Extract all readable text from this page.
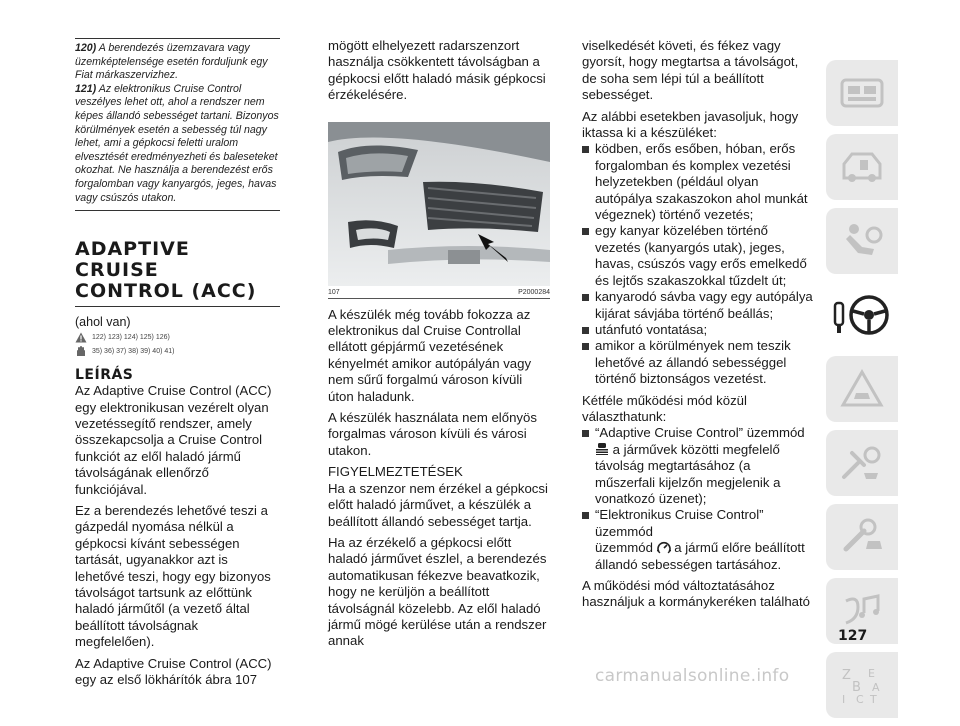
120) A berendezés üzemzavara vagy üzemképtelensége esetén forduljunk egy Fiat márkaszervizhez.

121) Az elektronikus Cruise Control veszélyes lehet ott, ahol a rendszer nem képes állandó sebességet tartani. Bizonyos körülmények esetén a sebesség túl nagy lehet, ami a gépkocsi feletti uralom elvesztését eredményezheti és baleseteket okozhat. Ne használja a berendezést erős forgalomban vagy kanyargós, jeges, havas vagy csúszós utakon.

ADAPTIVE CRUISE
CONTROL (ACC)
(ahol van)
122) 123) 124) 125) 126)
35) 36) 37) 38) 39) 40) 41)
LEÍRÁS

Az Adaptive Cruise Control (ACC) egy elektronikusan vezérelt olyan vezetéssegítő rendszer, amely összekapcsolja a Cruise Control funkciót az elől haladó jármű távolságának ellenőrző funkciójával.

Ez a berendezés lehetővé teszi a gázpedál nyomása nélkül a gépkocsi kívánt sebességen tartását, ugyanakkor azt is lehetővé teszi, hogy egy bizonyos távolságot tartsunk az előttünk haladó járműtől (a vezető által beállított távolságnak megfelelően).

Az Adaptive Cruise Control (ACC) egy az első lökhárítók ábra 107

mögött elhelyezett radarszenzort használja csökkentett távolságban a gépkocsi előtt haladó másik gépkocsi érzékelésére.

107	P2000284

A készülék még tovább fokozza az elektronikus dal Cruise Controllal ellátott gépjármű vezetésének kényelmét amikor autópályán vagy nem sűrű forgalmú városon kívüli úton haladunk.

A készülék használata nem előnyös forgalmas városon kívüli és városi utakon.

FIGYELMEZTETÉSEK

Ha a szenzor nem érzékel a gépkocsi előtt haladó járművet, a készülék a beállított állandó sebességet tartja.

Ha az érzékelő a gépkocsi előtt haladó járművet észlel, a berendezés automatikusan fékezve beavatkozik, hogy ne kerüljön a beállított távolságnál közelebb. Az elől haladó jármű mögé kerülése után a rendszer annak

viselkedését követi, és fékez vagy gyorsít, hogy megtartsa a távolságot, de soha sem lépi túl a beállított sebességet.

Az alábbi esetekben javasoljuk, hogy iktassa ki a készüléket:

ködben, erős esőben, hóban, erős forgalomban és komplex vezetési helyzetekben (például olyan autópálya szakaszokon ahol munkát végeznek) történő vezetés;
egy kanyar közelében történő vezetés (kanyargós utak), jeges, havas, csúszós vagy erős emelkedő és lejtős szakaszokkal tűzdelt út;
kanyarodó sávba vagy egy autópálya kijárat sávjába történő beállás;
utánfutó vontatása;
amikor a körülmények nem teszik lehetővé az állandó sebességgel történő biztonságos vezetést.

Kétféle működési mód közül választhatunk:

“Adaptive Cruise Control” üzemmód
a járművek közötti megfelelő távolság megtartásához (a műszerfali kijelzőn megjelenik a vonatkozó üzenet);
“Elektronikus Cruise Control” üzemmód
üzemmód  a jármű előre beállított állandó sebességen tartásához.

A működési mód változtatásához használjuk a kormánykeréken található

Z E
B A
I C T
127
carmanualsonline.info
